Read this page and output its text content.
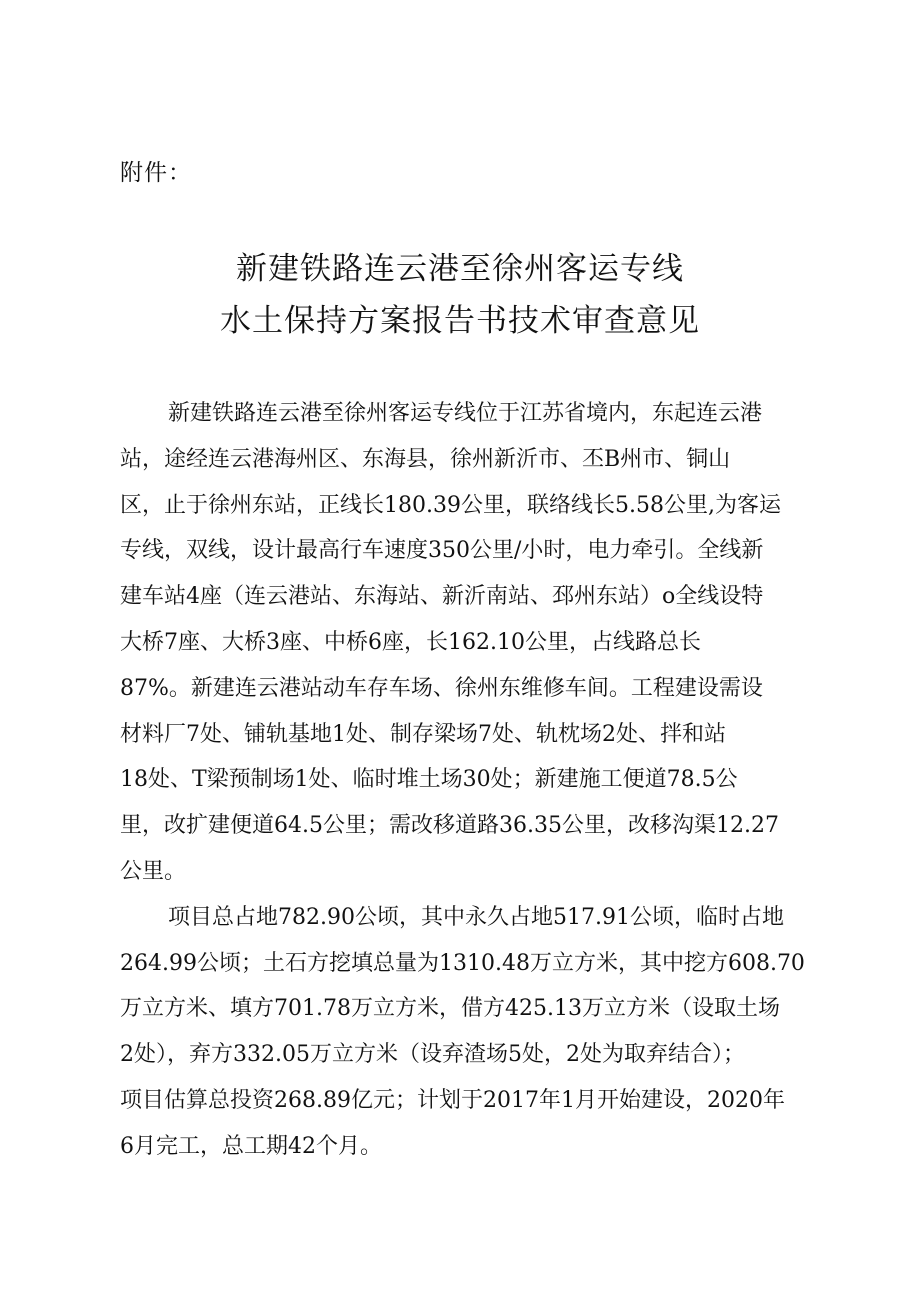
附件：
新建铁路连云港至徐州客运专线
水土保持方案报告书技术审查意见
新建铁路连云港至徐州客运专线位于江苏省境内，东起连云港
站，途经连云港海州区、东海县，徐州新沂市、丕B州市、铜山
区，止于徐州东站，正线长180.39公里，联络线长5.58公里,为客运
专线，双线，设计最高行车速度350公里/小时，电力牵引。全线新
建车站4座（连云港站、东海站、新沂南站、邳州东站）o全线设特
大桥7座、大桥3座、中桥6座，长162.10公里，占线路总长
87%。新建连云港站动车存车场、徐州东维修车间。工程建设需设
材料厂7处、铺轨基地1处、制存梁场7处、轨枕场2处、拌和站
18处、T梁预制场1处、临时堆土场30处；新建施工便道78.5公
里，改扩建便道64.5公里；需改移道路36.35公里，改移沟渠12.27
公里。
项目总占地782.90公顷，其中永久占地517.91公顷，临时占地
264.99公顷；土石方挖填总量为1310.48万立方米，其中挖方608.70
万立方米、填方701.78万立方米，借方425.13万立方米（设取土场
2处），弃方332.05万立方米（设弃渣场5处，2处为取弃结合）；
项目估算总投资268.89亿元；计划于2017年1月开始建设，2020年
6月完工，总工期42个月。
